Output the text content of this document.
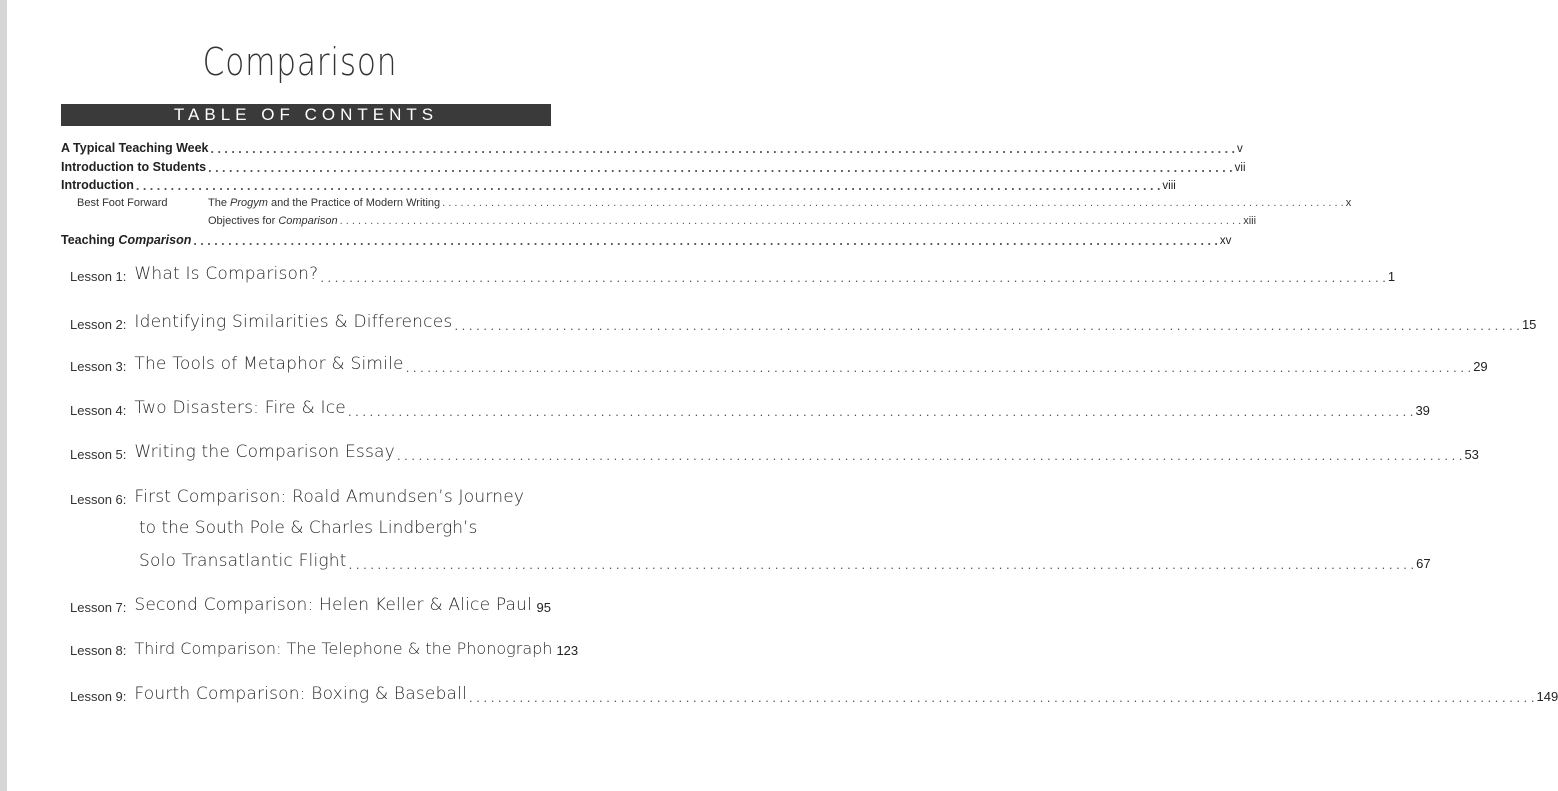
Comparison
TABLE OF CONTENTS
A Typical Teaching Week . . .	v
Introduction to Students . . .	vii
Introduction . . .	viii
Best Foot Forward	The Progym and the Practice of Modern Writing . . .	x
Objectives for Comparison . . .	xiii
Teaching Comparison . . .	xv
Lesson 1: What Is Comparison? . . .	1
Lesson 2: Identifying Similarities & Differences . . .	15
Lesson 3: The Tools of Metaphor & Simile . . .	29
Lesson 4: Two Disasters: Fire & Ice . . .	39
Lesson 5: Writing the Comparison Essay . . .	53
Lesson 6: First Comparison: Roald Amundsen’s Journey
to the South Pole & Charles Lindbergh’s
Solo Transatlantic Flight . . .	67
Lesson 7: Second Comparison: Helen Keller & Alice Paul . . . 95
Lesson 8: Third Comparison: The Telephone & the Phonograph 123
Lesson 9: Fourth Comparison: Boxing & Baseball . . .	149
